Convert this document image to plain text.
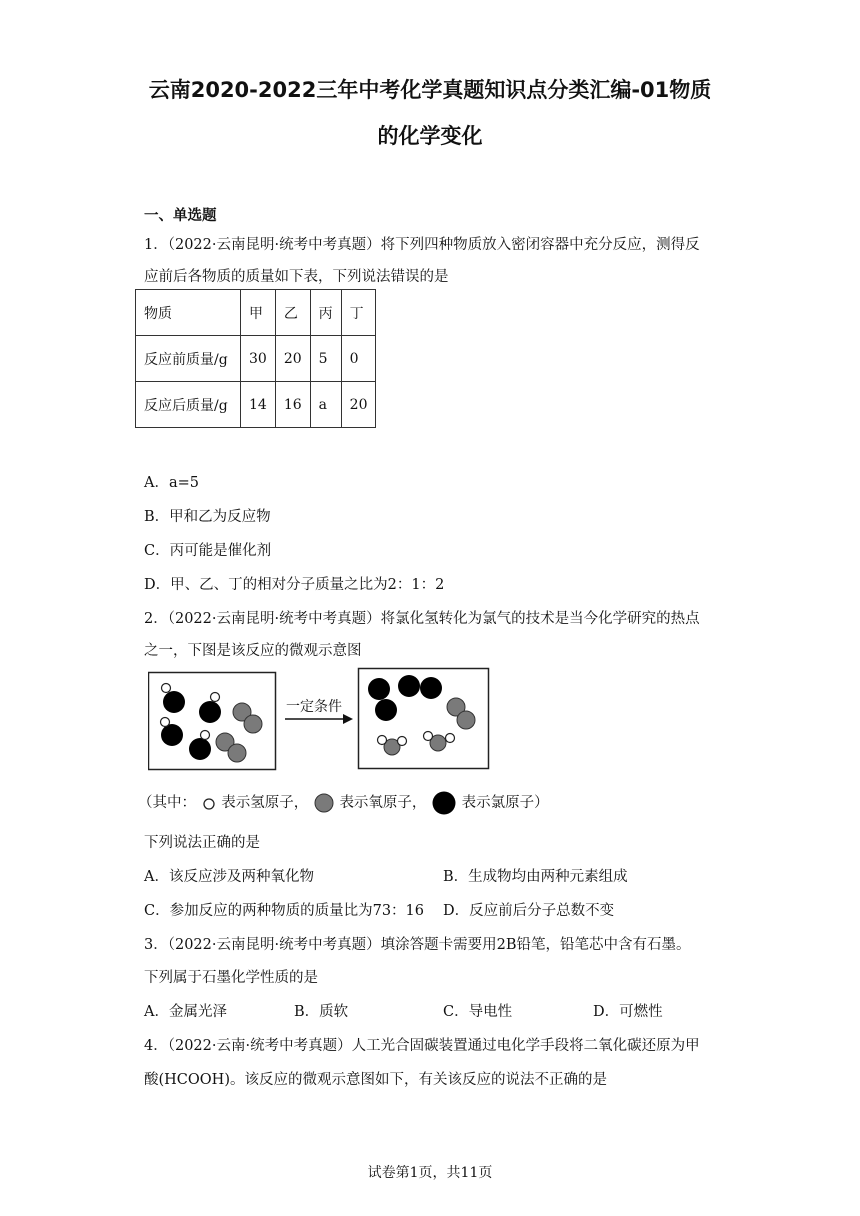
云南2020-2022三年中考化学真题知识点分类汇编-01物质
的化学变化
一、单选题
1．（2022·云南昆明·统考中考真题）将下列四种物质放入密闭容器中充分反应，测得反
应前后各物质的质量如下表，下列说法错误的是
物质	甲	乙	丙	丁
反应前质量/g	30	20	5	0
反应后质量/g	14	16	a	20
A．a=5
B．甲和乙为反应物
C．丙可能是催化剂
D．甲、乙、丁的相对分子质量之比为2：1：2
2．（2022·云南昆明·统考中考真题）将氯化氢转化为氯气的技术是当今化学研究的热点
之一，下图是该反应的微观示意图
一定条件
（其中： 表示氢原子， 表示氧原子， 表示氯原子）
下列说法正确的是
A．该反应涉及两种氧化物	B．生成物均由两种元素组成
C．参加反应的两种物质的质量比为73：16 D．反应前后分子总数不变
3．（2022·云南昆明·统考中考真题）填涂答题卡需要用2B铅笔，铅笔芯中含有石墨。
下列属于石墨化学性质的是
A．金属光泽	B．质软	C．导电性	D．可燃性
4．（2022·云南·统考中考真题）人工光合固碳装置通过电化学手段将二氧化碳还原为甲
酸(HCOOH)。该反应的微观示意图如下，有关该反应的说法不正确的是
试卷第1页，共11页
